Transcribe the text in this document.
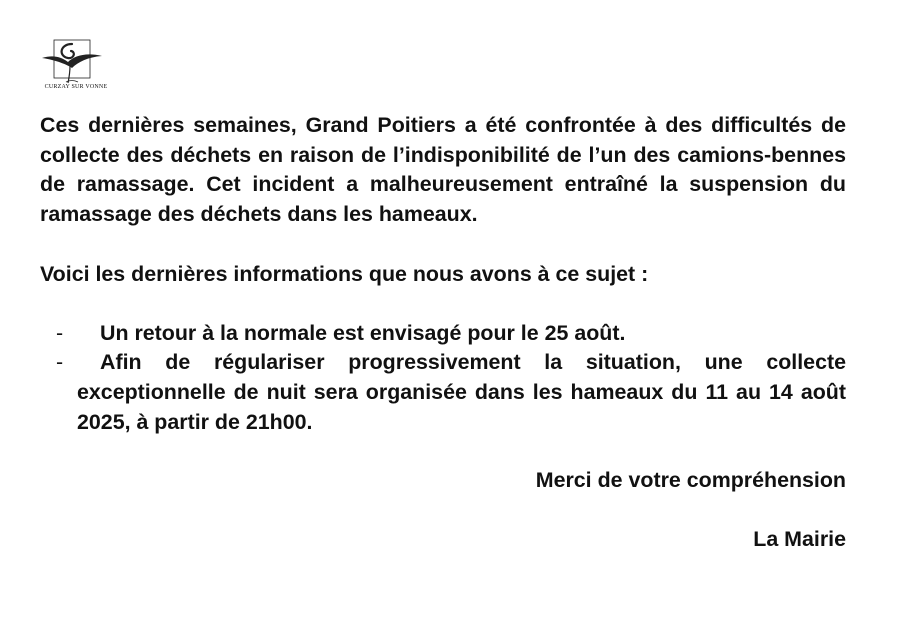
CURZAY SUR VONNE

Ces dernières semaines, Grand Poitiers a été confrontée à des difficultés de collecte des déchets en raison de l’indisponibilité de l’un des camions-bennes de ramassage. Cet incident a malheureusement entraîné la suspension du ramassage des déchets dans les hameaux.

Voici les dernières informations que nous avons à ce sujet :

- Un retour à la normale est envisagé pour le 25 août.
- Afin de régulariser progressivement la situation, une collecte exceptionnelle de nuit sera organisée dans les hameaux du 11 au 14 août 2025, à partir de 21h00.

Merci de votre compréhension

La Mairie
